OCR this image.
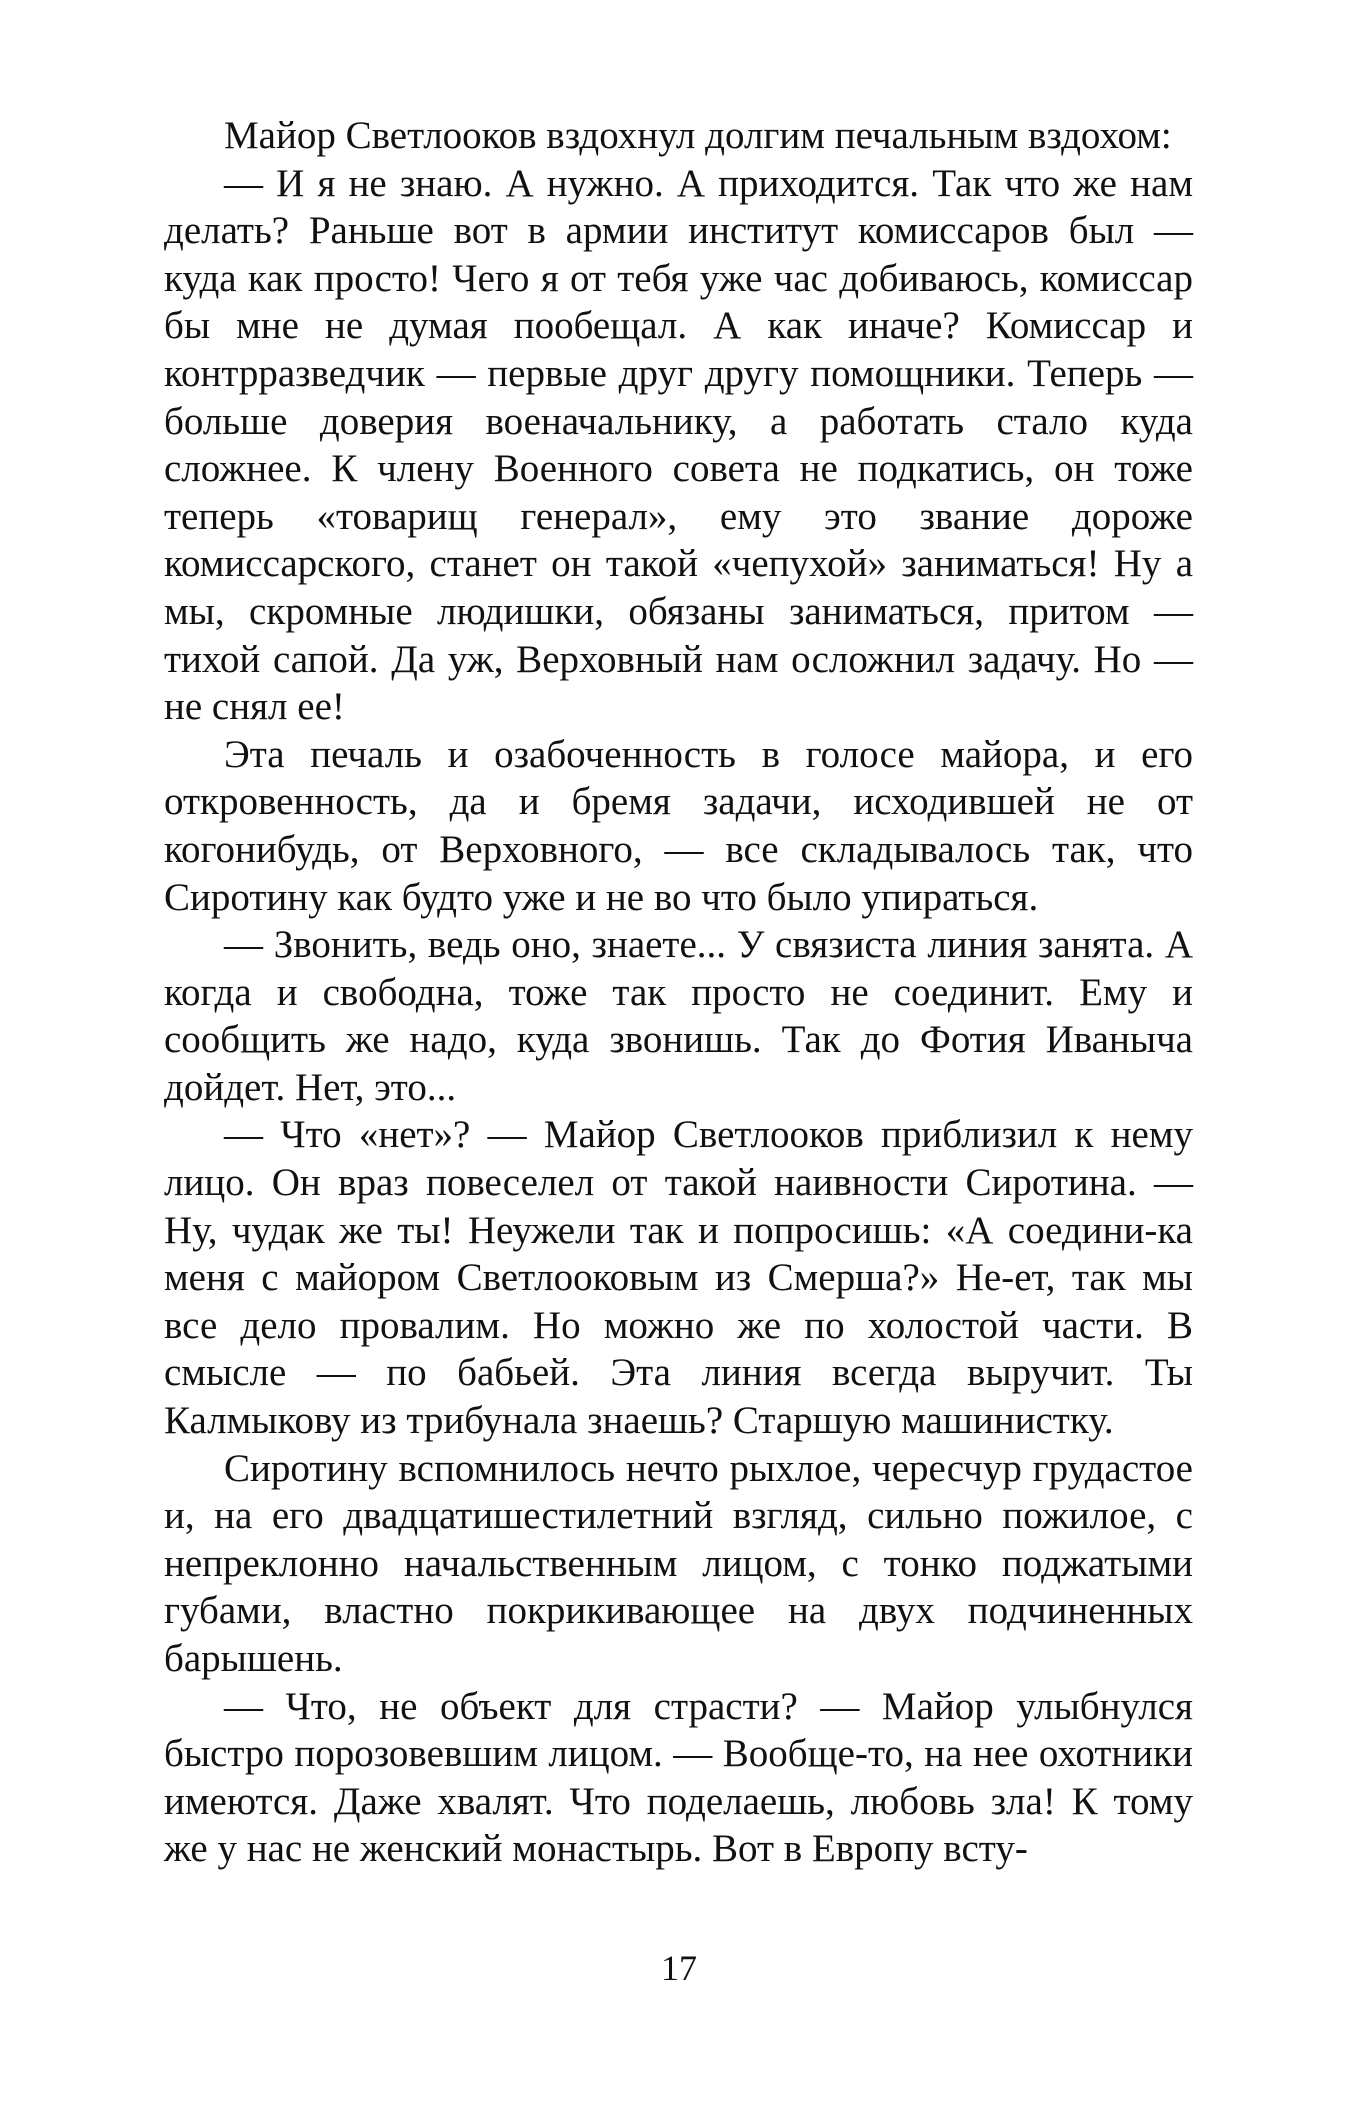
Майор Светлооков вздохнул долгим печальным вздохом:

— И я не знаю. А нужно. А приходится. Так что же нам делать? Раньше вот в армии институт комиссаров был — куда как просто! Чего я от тебя уже час добиваюсь, комиссар бы мне не думая пообещал. А как иначе? Комиссар и контрразведчик — первые друг другу помощники. Теперь — больше доверия военачальнику, а работать стало куда сложнее. К члену Военного совета не подкатись, он тоже теперь «товарищ генерал», ему это звание дороже комиссарского, станет он такой «чепухой» заниматься! Ну а мы, скромные людишки, обязаны заниматься, притом — тихой сапой. Да уж, Верховный нам осложнил задачу. Но — не снял ее!

Эта печаль и озабоченность в голосе майора, и его откровенность, да и бремя задачи, исходившей не от когонибудь, от Верховного, — все складывалось так, что Сиротину как будто уже и не во что было упираться.

— Звонить, ведь оно, знаете... У связиста линия занята. А когда и свободна, тоже так просто не соединит. Ему и сообщить же надо, куда звонишь. Так до Фотия Иваныча дойдет. Нет, это...

— Что «нет»? — Майор Светлооков приблизил к нему лицо. Он враз повеселел от такой наивности Сиротина. — Ну, чудак же ты! Неужели так и попросишь: «А соедини-ка меня с майором Светлооковым из Смерша?» Не-ет, так мы все дело провалим. Но можно же по холостой части. В смысле — по бабьей. Эта линия всегда выручит. Ты Калмыкову из трибунала знаешь? Старшую машинистку.

Сиротину вспомнилось нечто рыхлое, чересчур грудастое и, на его двадцатишестилетний взгляд, сильно пожилое, с непреклонно начальственным лицом, с тонко поджатыми губами, властно покрикивающее на двух подчиненных барышень.

— Что, не объект для страсти? — Майор улыбнулся быстро порозовевшим лицом. — Вообще-то, на нее охотники имеются. Даже хвалят. Что поделаешь, любовь зла! К тому же у нас не женский монастырь. Вот в Европу всту-

17
